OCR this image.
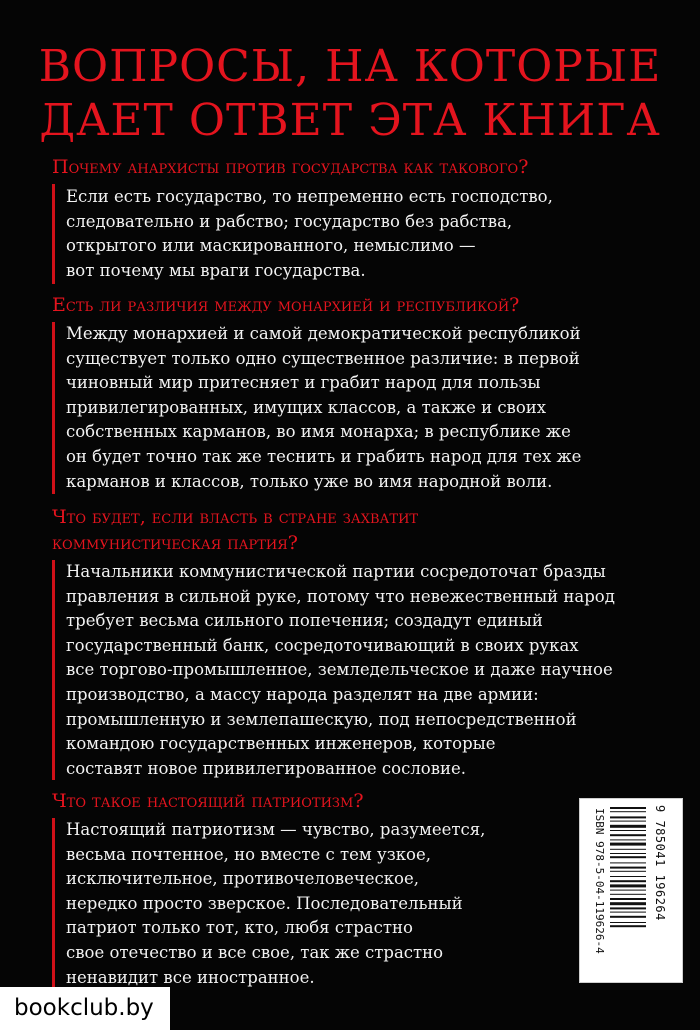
ВОПРОСЫ, НА КОТОРЫЕ
ДАЕТ ОТВЕТ ЭТА КНИГА
Почему анархисты против государства как такового?
Если есть государство, то непременно есть господство,
следовательно и рабство; государство без рабства,
открытого или маскированного, немыслимо —
вот почему мы враги государства.
Есть ли различия между монархией и республикой?
Между монархией и самой демократической республикой
существует только одно существенное различие: в первой
чиновный мир притесняет и грабит народ для пользы
привилегированных, имущих классов, а также и своих
собственных карманов, во имя монарха; в республике же
он будет точно так же теснить и грабить народ для тех же
карманов и классов, только уже во имя народной воли.
Что будет, если власть в стране захватит
коммунистическая партия?
Начальники коммунистической партии сосредоточат бразды
правления в сильной руке, потому что невежественный народ
требует весьма сильного попечения; создадут единый
государственный банк, сосредоточивающий в своих руках
все торгово-промышленное, земледельческое и даже научное
производство, а массу народа разделят на две армии:
промышленную и землепашескую, под непосредственной
командою государственных инженеров, которые
составят новое привилегированное сословие.
Что такое настоящий патриотизм?
Настоящий патриотизм — чувство, разумеется,
весьма почтенное, но вместе с тем узкое,
исключительное, противочеловеческое,
нередко просто зверское. Последовательный
патриот только тот, кто, любя страстно
свое отечество и все свое, так же страстно
ненавидит все иностранное.
ISBN 978-5-04-119626-4	9 785041 196264
bookclub.by
